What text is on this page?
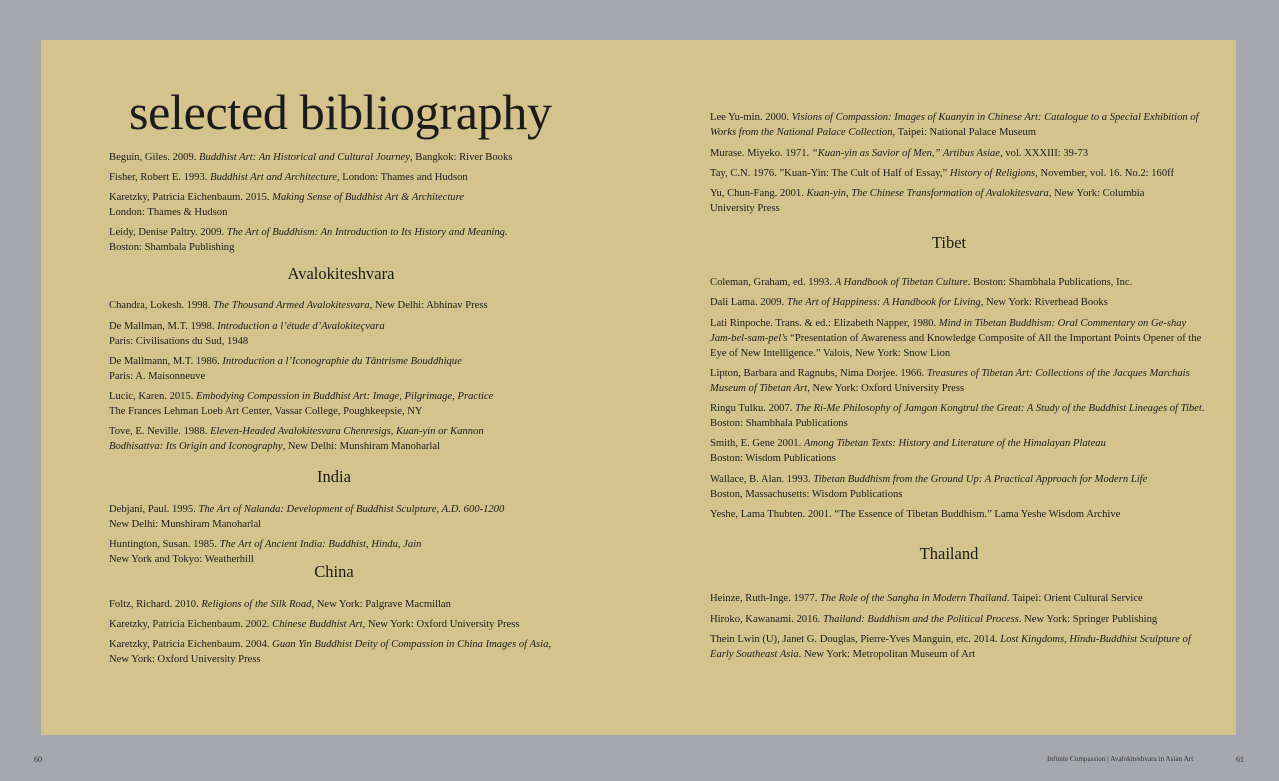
selected bibliography
Beguin, Giles. 2009. Buddhist Art: An Historical and Cultural Journey, Bangkok: River Books
Fisher, Robert E. 1993. Buddhist Art and Architecture, London: Thames and Hudson
Karetzky, Patricia Eichenbaum. 2015. Making Sense of Buddhist Art & Architecture
London: Thames & Hudson
Leidy, Denise Paltry. 2009. The Art of Buddhism: An Introduction to Its History and Meaning.
Boston: Shambala Publishing
Avalokiteshvara
Chandra, Lokesh. 1998. The Thousand Armed Avalokitesvara, New Delhi: Abhinav Press
De Mallman, M.T. 1998. Introduction a l’étude d’Avalokiteçvara
Paris: Civilisations du Sud, 1948
De Mallmann, M.T. 1986. Introduction a l’Iconographie du Tântrisme Bouddhique
Paris: A. Maisonneuve
Lucic, Karen. 2015. Embodying Compassion in Buddhist Art: Image, Pilgrimage, Practice
The Frances Lehman Loeb Art Center, Vassar College, Poughkeepsie, NY
Tove, E. Neville. 1988. Eleven-Headed Avalokitesvara Chenresigs, Kuan-yin or Kannon Bodhisattva: Its Origin and Iconography, New Delhi: Munshiram Manoharlal
India
Debjani, Paul. 1995. The Art of Nalanda: Development of Buddhist Sculpture, A.D. 600-1200
New Delhi: Munshiram Manoharlal
Huntington, Susan. 1985. The Art of Ancient India: Buddhist, Hindu, Jain
New York and Tokyo: Weatherhill
China
Foltz, Richard. 2010. Religions of the Silk Road, New York: Palgrave Macmillan
Karetzky, Patricia Eichenbaum. 2002. Chinese Buddhist Art, New York: Oxford University Press
Karetzky, Patricia Eichenbaum. 2004. Guan Yin Buddhist Deity of Compassion in China Images of Asia, New York: Oxford University Press
Lee Yu-min. 2000. Visions of Compassion: Images of Kuanyin in Chinese Art: Catalogue to a Special Exhibition of Works from the National Palace Collection, Taipei: National Palace Museum
Murase. Miyeko. 1971. “Kuan-yin as Savior of Men,” Artibus Asiae, vol. XXXIII: 39-73
Tay, C.N. 1976. ”Kuan-Yin: The Cult of Half of Essay,” History of Religions, November, vol. 16. No.2: 160ff
Yu, Chun-Fang. 2001. Kuan-yin, The Chinese Transformation of Avalokitesvara, New York: Columbia University Press
Tibet
Coleman, Graham, ed. 1993. A Handbook of Tibetan Culture. Boston: Shambhala Publications, Inc.
Dali Lama. 2009. The Art of Happiness: A Handbook for Living, New York: Riverhead Books
Lati Rinpoche. Trans. & ed.: Elizabeth Napper, 1980. Mind in Tibetan Buddhism: Oral Commentary on Ge-shay Jam-bel-sam-pel’s “Presentation of Awareness and Knowledge Composite of All the Important Points Opener of the Eye of New Intelligence.” Valois, New York: Snow Lion
Lipton, Barbara and Ragnubs, Nima Dorjee. 1966. Treasures of Tibetan Art: Collections of the Jacques Marchais Museum of Tibetan Art, New York: Oxford University Press
Ringu Tulku. 2007. The Ri-Me Philosophy of Jamgon Kongtrul the Great: A Study of the Buddhist Lineages of Tibet. Boston: Shambhala Publications
Smith, E. Gene 2001. Among Tibetan Texts: History and Literature of the Himalayan Plateau
Boston: Wisdom Publications
Wallace, B. Alan. 1993. Tibetan Buddhism from the Ground Up: A Practical Approach for Modern Life
Boston, Massachusetts: Wisdom Publications
Yeshe, Lama Thubten. 2001. “The Essence of Tibetan Buddhism.” Lama Yeshe Wisdom Archive
Thailand
Heinze, Ruth-Inge. 1977. The Role of the Sangha in Modern Thailand. Taipei: Orient Cultural Service
Hiroko, Kawanami. 2016. Thailand: Buddhism and the Political Process. New York: Springer Publishing
Thein Lwin (U), Janet G. Douglas, Pierre-Yves Manguin, etc. 2014. Lost Kingdoms, Hindu-Buddhist Sculpture of Early Southeast Asia. New York: Metropolitan Museum of Art
60	Infinite Compassion | Avalokiteshvara in Asian Art	61
